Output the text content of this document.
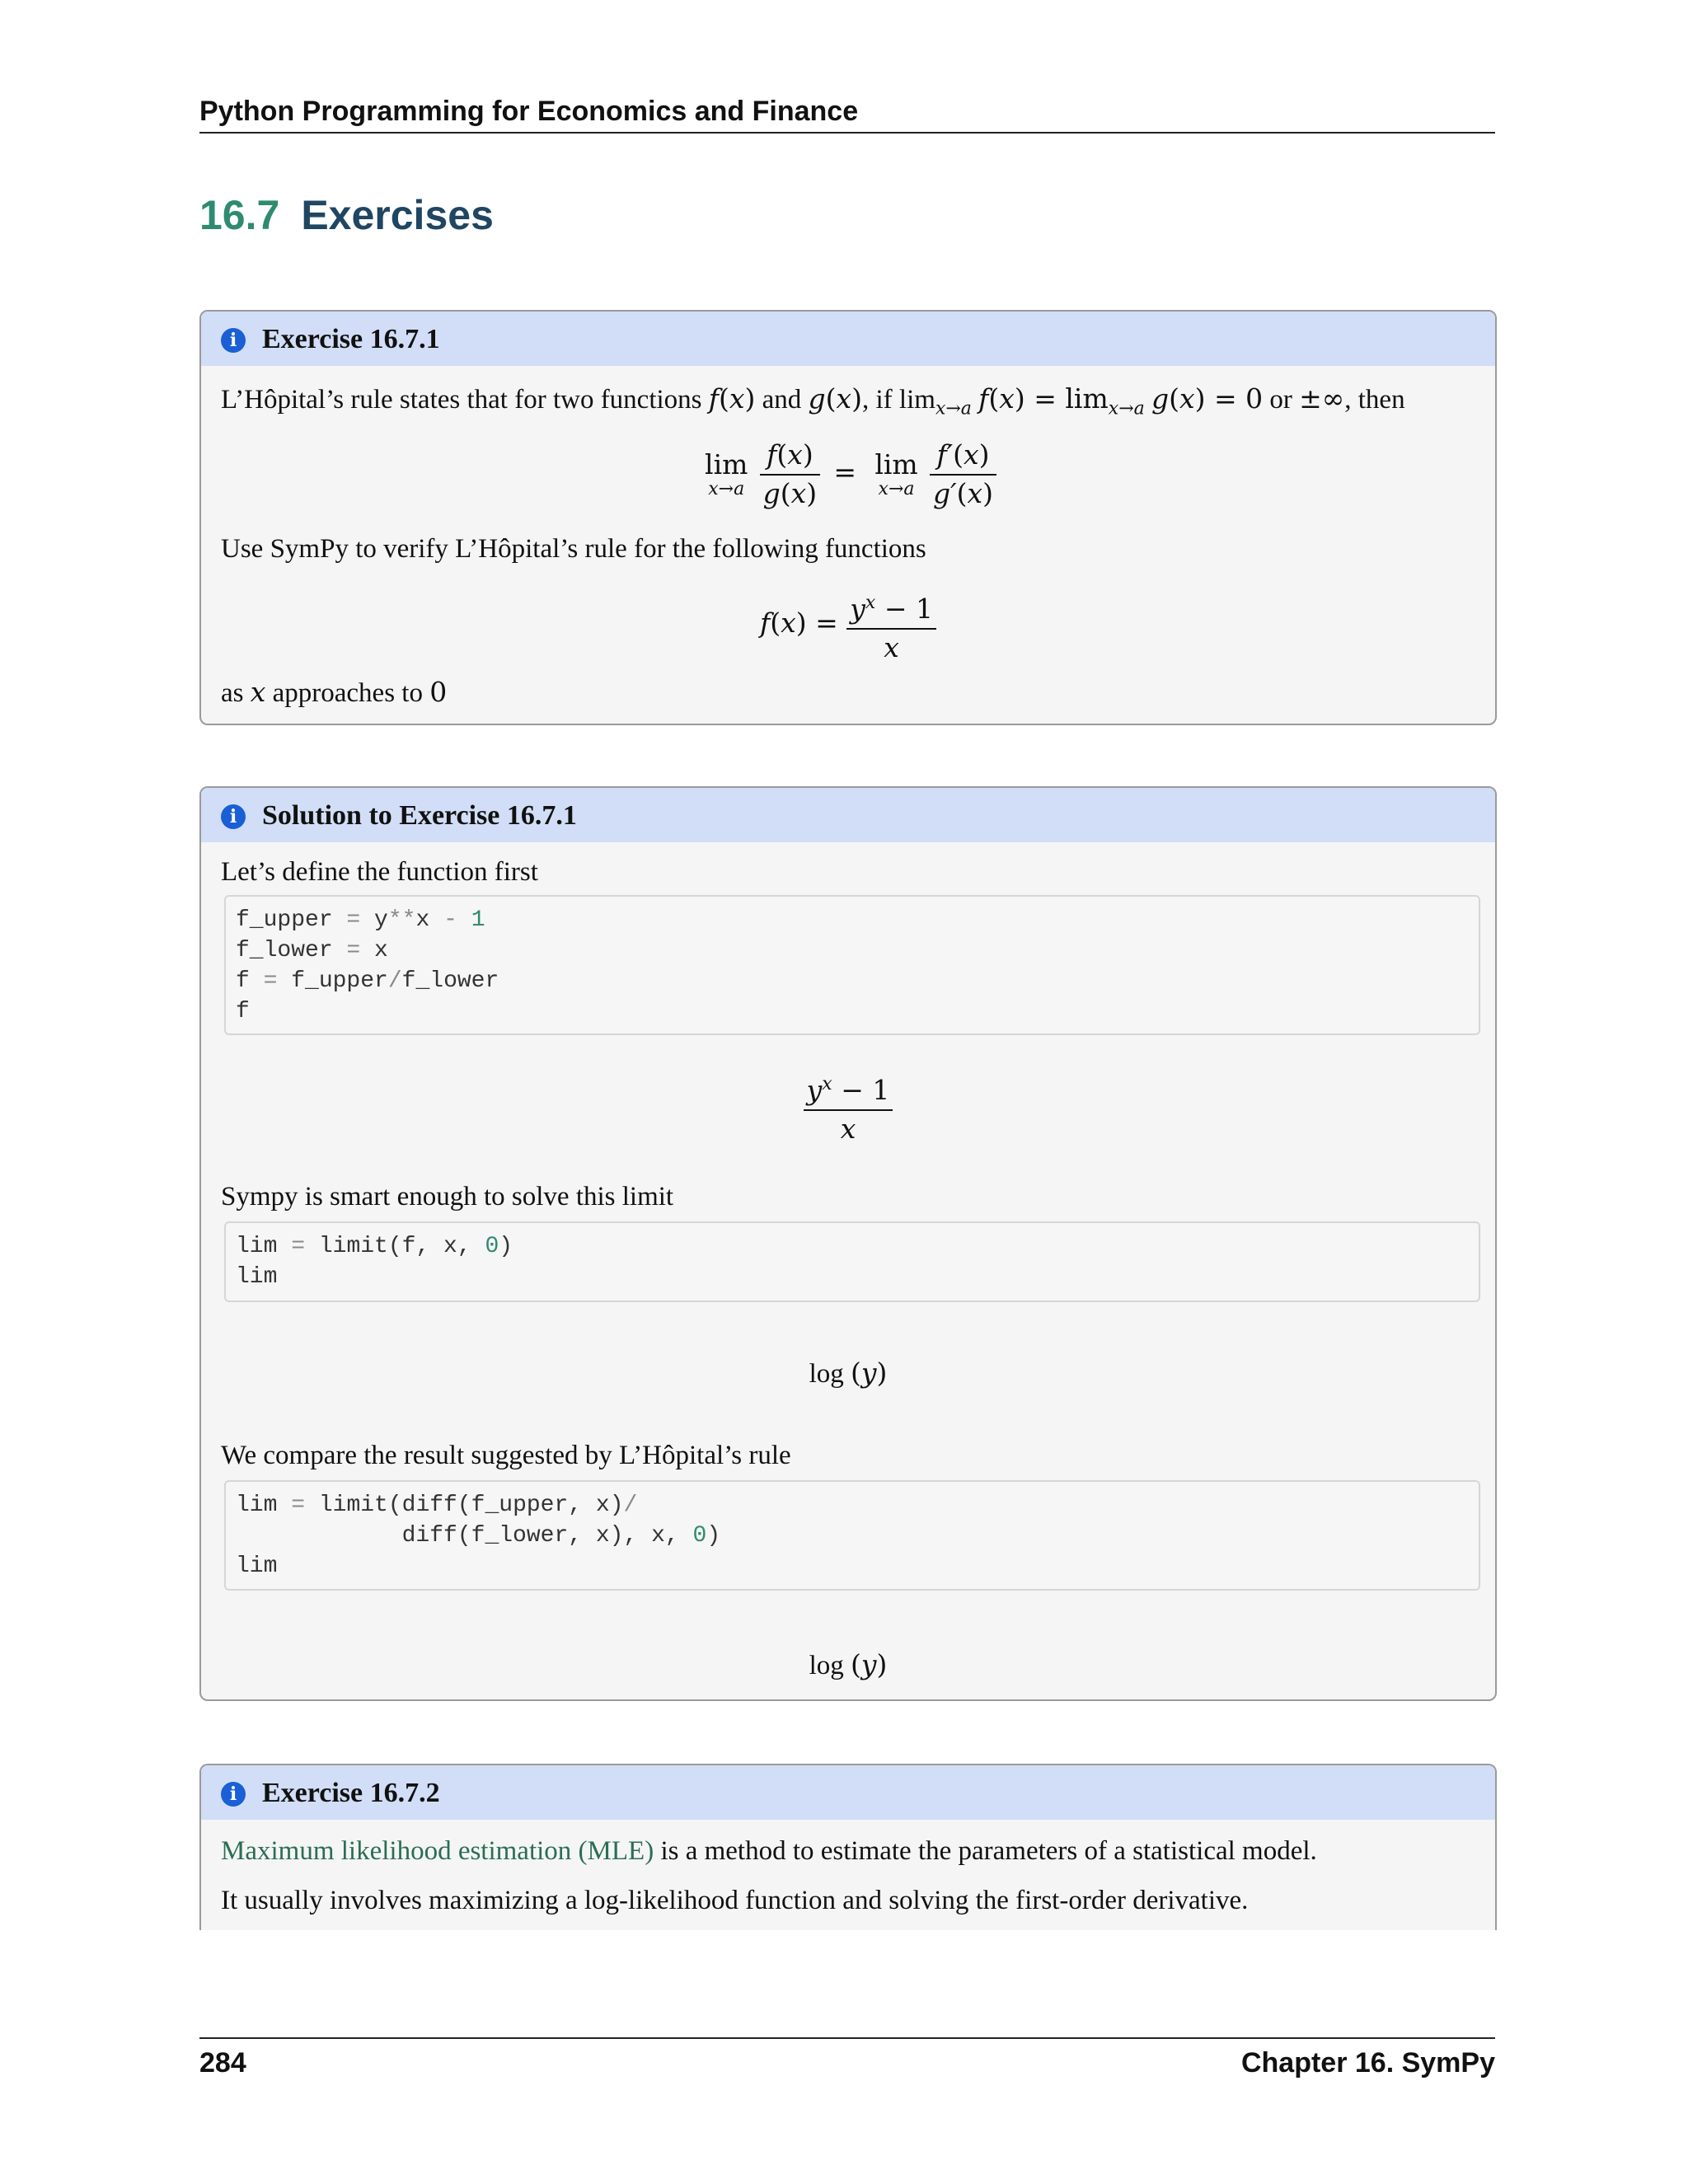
Python Programming for Economics and Finance
16.7 Exercises
i Exercise 16.7.1
L’Hôpital’s rule states that for two functions f(x) and g(x), if $\lim_{x\to a} f(x) = \lim_{x\to a} g(x) = 0$ or ±∞, then
lim
x→a
$\frac{f(x)}{g(x)} = \lim$
x→a
$\frac{f'(x)}{g'(x)}$
Use SymPy to verify L’Hôpital’s rule for the following functions
$f(x) = \frac{y^x - 1}{x}$
as x approaches to 0
i Solution to Exercise 16.7.1
Let’s define the function first
f_upper = y**x - 1
f_lower = x
f = f_upper/f_lower
f
$\frac{y^x - 1}{x}$
Sympy is smart enough to solve this limit
lim = limit(f, x, 0)
lim
log (y)
We compare the result suggested by L’Hôpital’s rule
lim = limit(diff(f_upper, x)/
diff(f_lower, x), x, 0)
lim
log (y)
i Exercise 16.7.2
Maximum likelihood estimation (MLE) is a method to estimate the parameters of a statistical model.
It usually involves maximizing a log-likelihood function and solving the first-order derivative.
284	Chapter 16. SymPy
